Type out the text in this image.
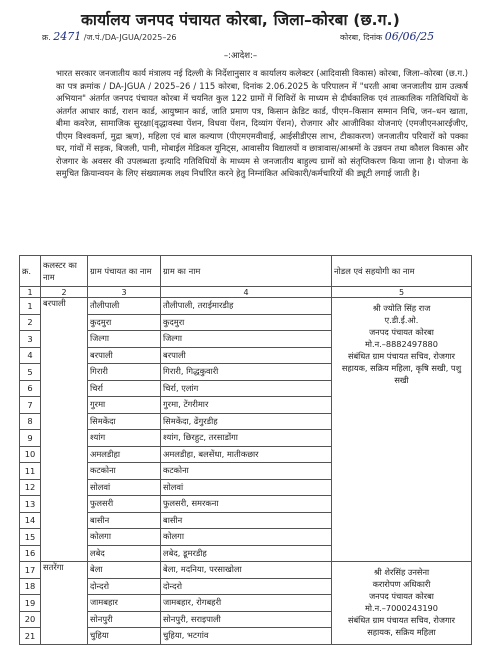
कार्यालय जनपद पंचायत कोरबा, जिला–कोरबा (छ.ग.)
क्र. 2471 /ज.पं./DA-JGUA/2025–26	कोरबा, दिनांक 06/06/25
–:आदेश:–
भारत सरकार जनजातीय कार्य मंत्रालय नई दिल्ली के निर्देशानुसार व कार्यालय कलेक्टर (आदिवासी विकास) कोरबा, जिला–कोरबा (छ.ग.) का पत्र क्रमांक / DA-JGUA / 2025–26 / 115 कोरबा, दिनांक 2.06.2025 के परिपालन में "धरती आबा जनजातीय ग्राम उत्कर्ष अभियान" अंतर्गत जनपद पंचायत कोरबा में चयनित कुल 122 ग्रामों में शिविरों के माध्यम से दीर्घकालिक एवं तात्कालिक गतिविधियों के अंतर्गत आधार कार्ड, राशन कार्ड, आयुष्मान कार्ड, जाति प्रमाण पत्र, किसान क्रेडिट कार्ड, पीएम–किसान सम्मान निधि, जन–धन खाता, बीमा कवरेज, सामाजिक सुरक्षा(वृद्धावस्था पेंशन, विधवा पेंशन, दिव्यांग पेंशन), रोजगार और आजीविका योजनाएं (एमजीएनआरईजीए, पीएम विश्वकर्मा, मुद्रा ऋण), महिला एवं बाल कल्याण (पीएमएमवीवाई, आईसीडीएस लाभ, टीकाकरण) जनजातीय परिवारों को पक्का घर, गांवों में सड़क, बिजली, पानी, मोबाईल मेडिकल यूनिट्स, आवासीय विद्यालयों व छात्रावास/आश्रमों के उन्नयन तथा कौशल विकास और रोजगार के अवसर की उपलब्धता इत्यादि गतिविधियों के माध्यम से जनजातीय बाहुल्य ग्रामों को संतृप्तिकरण किया जाना है। योजना के समुचित क्रियान्वयन के लिए संख्यात्मक लक्ष्य निर्धारित करने हेतु निम्नांकित अधिकारी/कर्मचारियों की ड्यूटी लगाई जाती है।
क्र.	कलस्टर का नाम	ग्राम पंचायत का नाम	ग्राम का नाम	नोडल एवं सहयोगी का नाम
1	2	3	4	5
1	बरपाली	तौलीपाली	तौलीपाली, तराईमारडीह	श्री ज्योति सिंह राज
ए.डी.ई.ओ.
जनपद पंचायत कोरबा
मो.न.–8882497880
संबंधित ग्राम पंचायत सचिव, रोजगार सहायक, सक्रिय महिला, कृषि सखी, पशु सखी

2		कुदमुरा	कुदमुरा	
3		जिल्गा	जिल्गा	
4		बरपाली	बरपाली	
5		गिरारी	गिरारी, गिद्धकुवारी	
6		चिर्रा	चिर्रा, एलांग	
7		गुरमा	गुरमा, टेंगरीमार	
8		सिमकेंदा	सिमकेंदा, ढेंगुरडीह	
9		श्यांग	श्यांग, छिरहुट, तरसाडोंगा	
10		अमलडीहा	अमलडीहा, बलसेंधा, मातीकछार	
11		कटकोना	कटकोना	
12		सोलवां	सोलवां	
13		फुलसरी	फुलसरी, समरकना	
14		बासीन	बासीन	
15		कोलगा	कोलगा	
16		लबेद	लबेद, डूमरडीह	
17	सतरेंगा	बेला	बेला, मदनिया, परसाखोला	श्री शेरसिंह उनसेना
करारोपण अधिकारी
जनपद पंचायत कोरबा
मो.न.–7000243190
संबंधित ग्राम पंचायत सचिव, रोजगार सहायक, सक्रिय महिला

18		दोन्दरो	दोन्दरो	
19		जामबहार	जामबहार, रोगबहरी	
20		सोनपुरी	सोनपुरी, सराइपाली	
21		चुहिया	चुहिया, भटगांव	
